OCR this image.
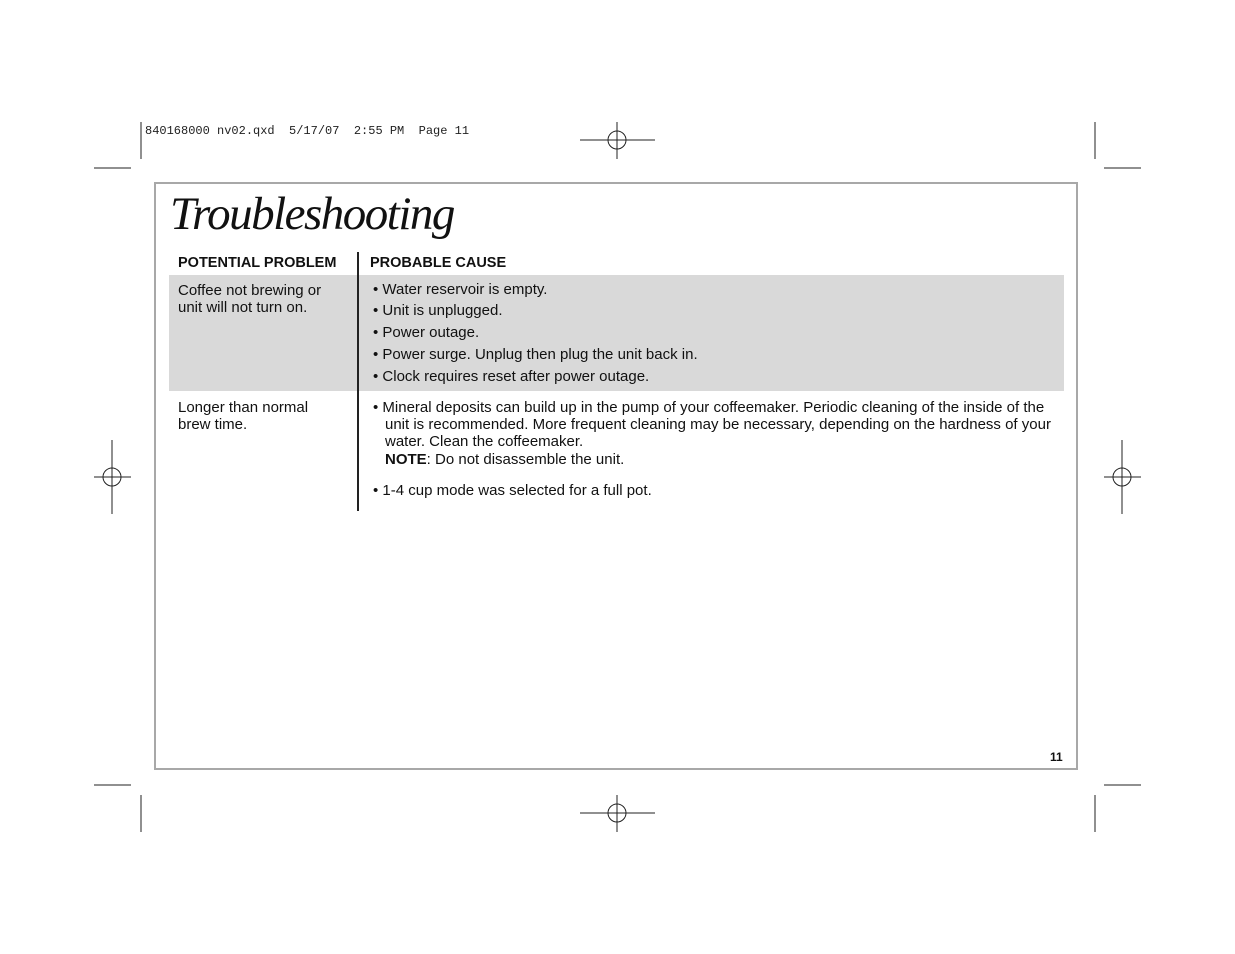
840168000 nv02.qxd  5/17/07  2:55 PM  Page 11
Troubleshooting
POTENTIAL PROBLEM PROBABLE CAUSE
Coffee not brewing or unit will not turn on.
• Water reservoir is empty.
• Unit is unplugged.
• Power outage.
• Power surge. Unplug then plug the unit back in.
• Clock requires reset after power outage.
Longer than normal brew time.
• Mineral deposits can build up in the pump of your coffeemaker. Periodic cleaning of the inside of the unit is recommended. More frequent cleaning may be necessary, depending on the hardness of your water. Clean the coffeemaker.
NOTE: Do not disassemble the unit.
• 1-4 cup mode was selected for a full pot.
11
